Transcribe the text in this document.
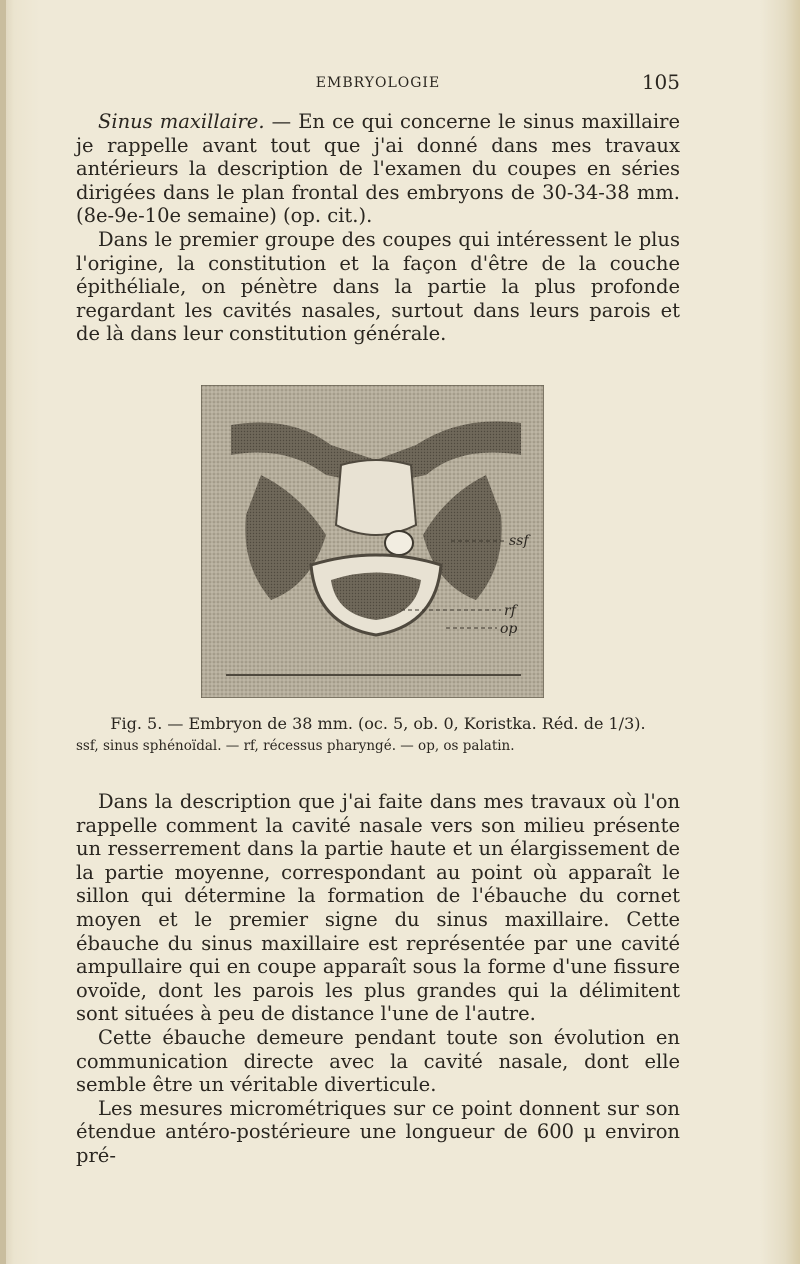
EMBRYOLOGIE	105

Sinus maxillaire. — En ce qui concerne le sinus maxillaire je rappelle avant tout que j'ai donné dans mes travaux antérieurs la description de l'examen du coupes en séries dirigées dans le plan frontal des embryons de 30-34-38 mm. (8e-9e-10e semaine) (op. cit.).

Dans le premier groupe des coupes qui intéressent le plus l'origine, la constitution et la façon d'être de la couche épithéliale, on pénètre dans la partie la plus profonde regardant les cavités nasales, surtout dans leurs parois et de là dans leur constitution générale.

ssf
rf
op
Fig. 5. — Embryon de 38 mm. (oc. 5, ob. 0, Koristka. Réd. de 1/3).
ssf, sinus sphénoïdal. — rf, récessus pharyngé. — op, os palatin.

Dans la description que j'ai faite dans mes travaux où l'on rappelle comment la cavité nasale vers son milieu présente un resserrement dans la partie haute et un élargissement de la partie moyenne, correspondant au point où apparaît le sillon qui détermine la formation de l'ébauche du cornet moyen et le premier signe du sinus maxillaire. Cette ébauche du sinus maxillaire est représentée par une cavité ampullaire qui en coupe apparaît sous la forme d'une fissure ovoïde, dont les parois les plus grandes qui la délimitent sont situées à peu de distance l'une de l'autre.

Cette ébauche demeure pendant toute son évolution en communication directe avec la cavité nasale, dont elle semble être un véritable diverticule.

Les mesures micrométriques sur ce point donnent sur son étendue antéro-postérieure une longueur de 600 μ environ pré-
